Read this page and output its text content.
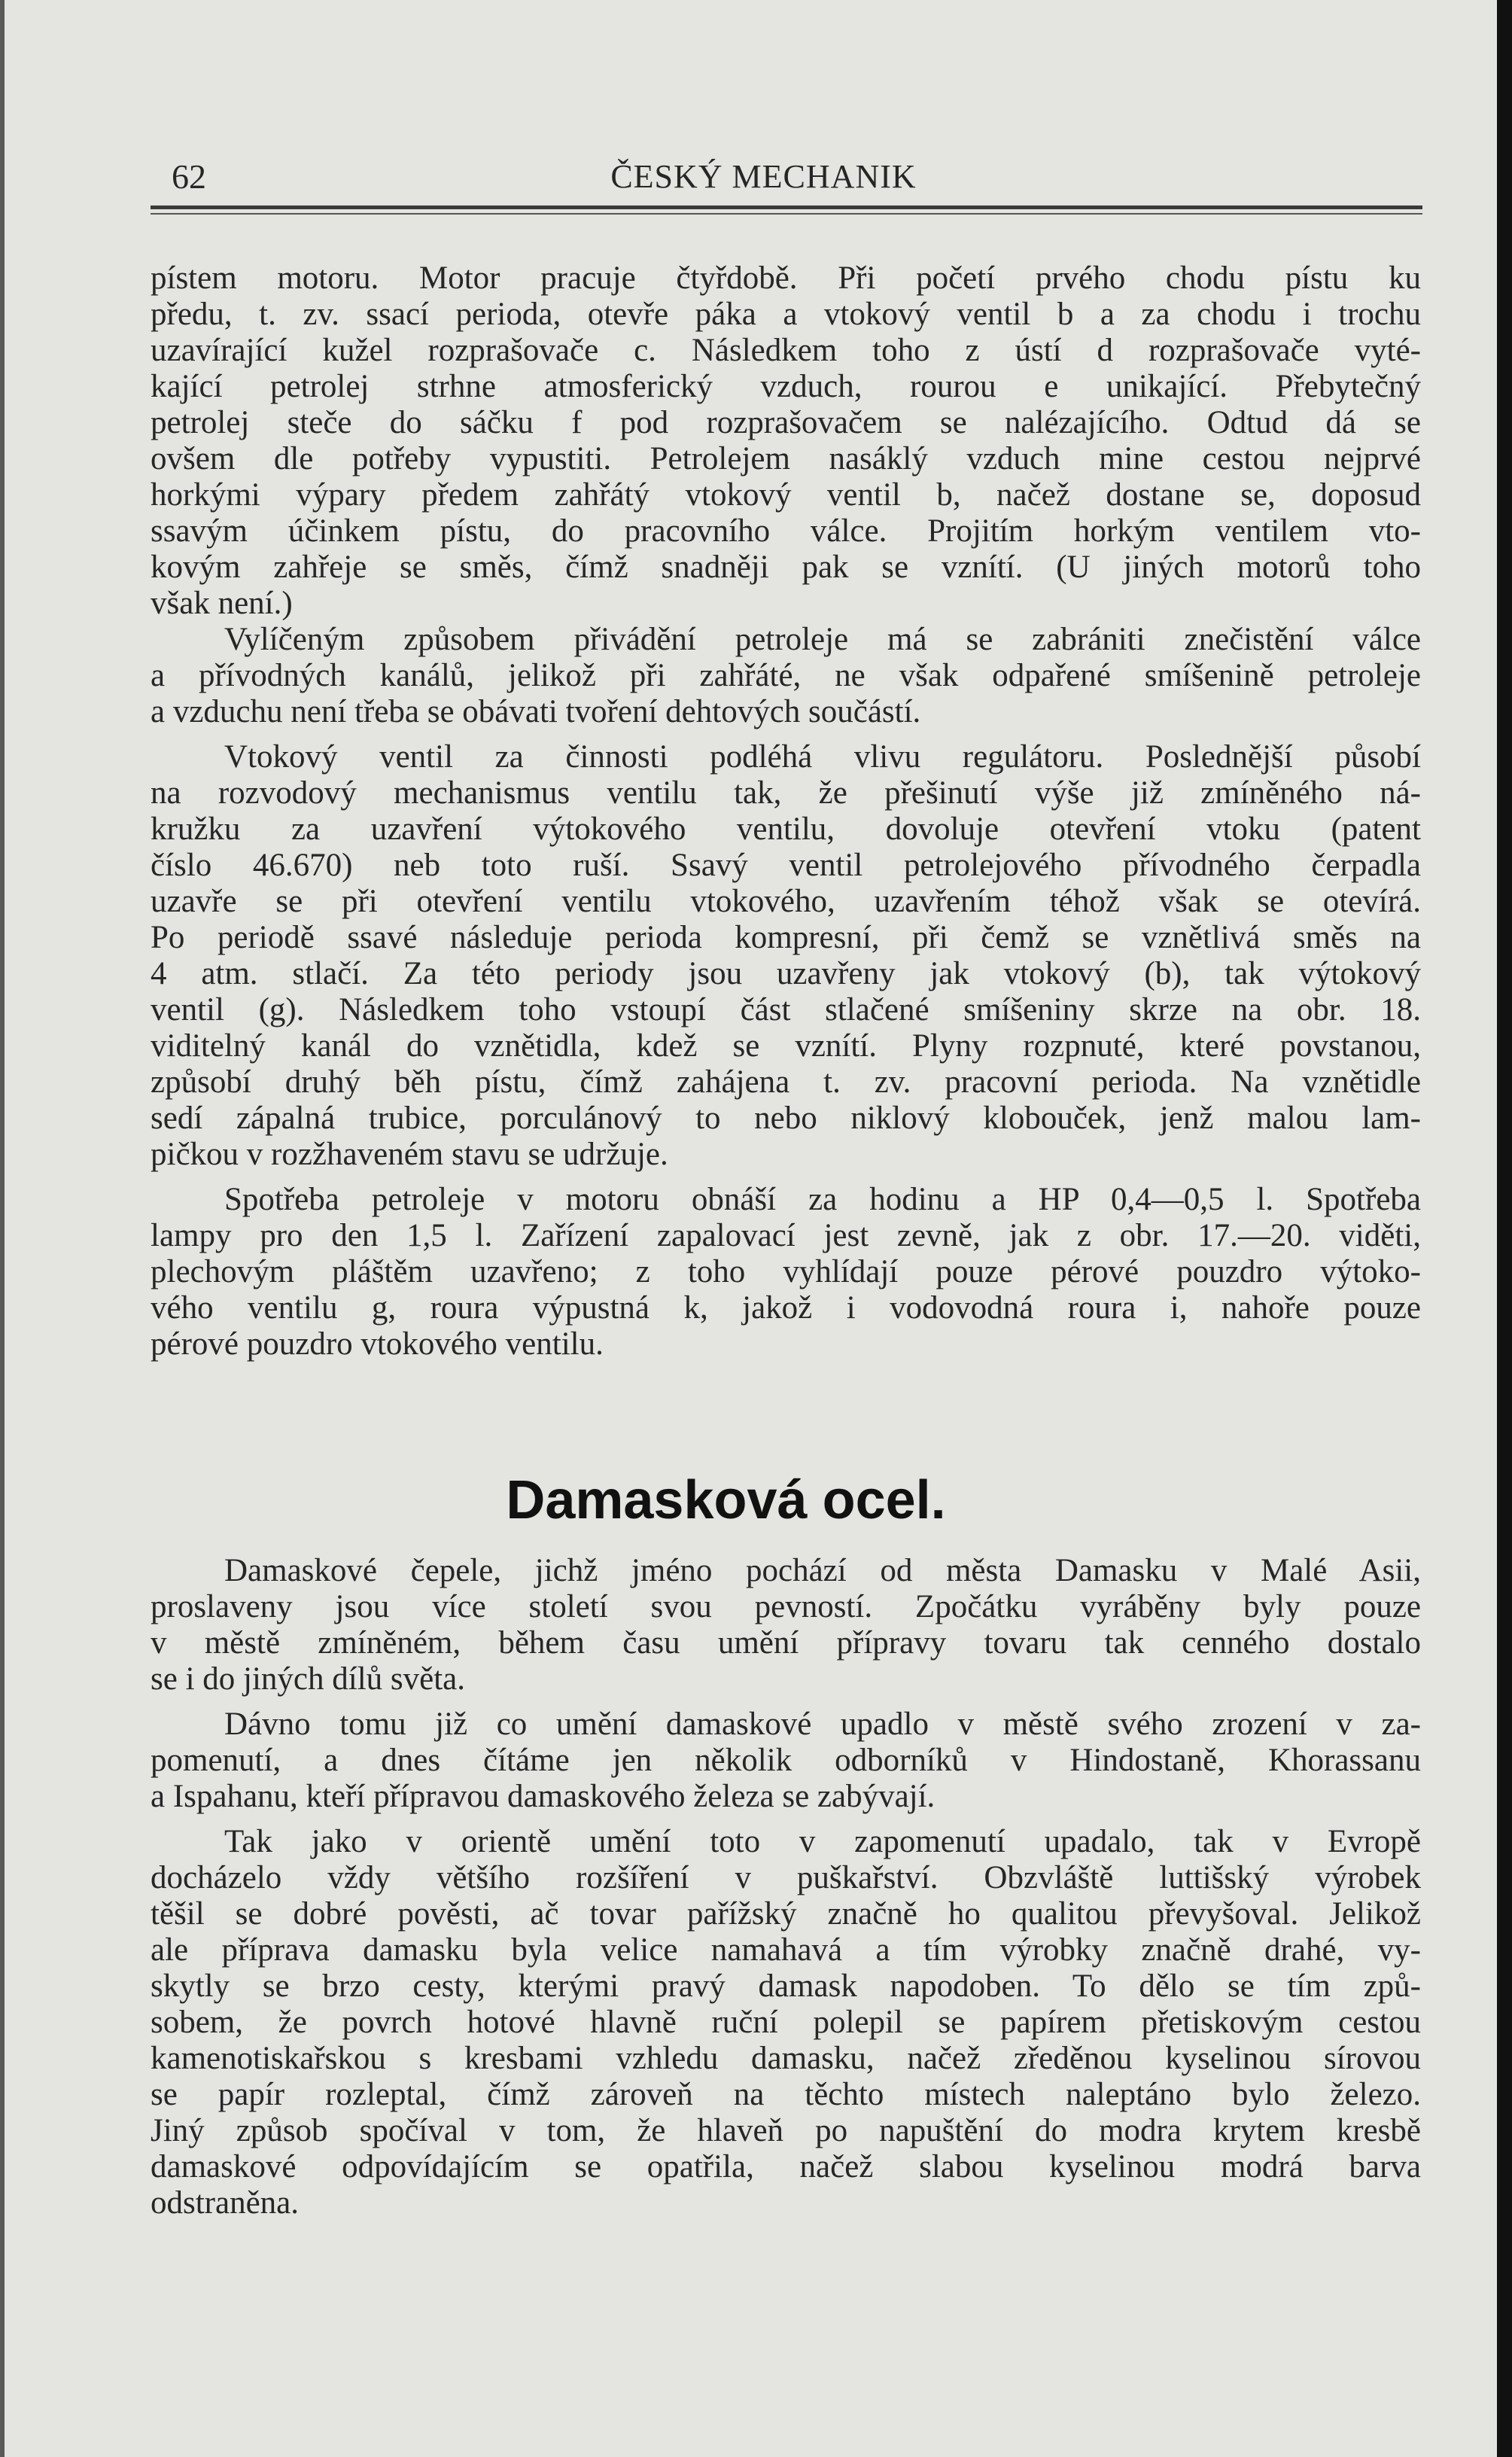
62	ČESKÝ MECHANIK
pístem motoru. Motor pracuje čtyřdobě. Při početí prvého chodu pístu ku
předu, t. zv. ssací perioda, otevře páka a vtokový ventil b a za chodu i trochu
uzavírající kužel rozprašovače c. Následkem toho z ústí d rozprašovače vyté-
kající petrolej strhne atmosferický vzduch, rourou e unikající. Přebytečný
petrolej steče do sáčku f pod rozprašovačem se nalézajícího. Odtud dá se
ovšem dle potřeby vypustiti. Petrolejem nasáklý vzduch mine cestou nejprvé
horkými výpary předem zahřátý vtokový ventil b, načež dostane se, doposud
ssavým účinkem pístu, do pracovního válce. Projitím horkým ventilem vto-
kovým zahřeje se směs, čímž snadněji pak se vznítí. (U jiných motorů toho
však není.)
Vylíčeným způsobem přivádění petroleje má se zabrániti znečistění válce
a přívodných kanálů, jelikož při zahřáté, ne však odpařené smíšenině petroleje
a vzduchu není třeba se obávati tvoření dehtových součástí.
Vtokový ventil za činnosti podléhá vlivu regulátoru. Poslednější působí
na rozvodový mechanismus ventilu tak, že přešinutí výše již zmíněného ná-
kružku za uzavření výtokového ventilu, dovoluje otevření vtoku (patent
číslo 46.670) neb toto ruší. Ssavý ventil petrolejového přívodného čerpadla
uzavře se při otevření ventilu vtokového, uzavřením téhož však se otevírá.
Po periodě ssavé následuje perioda kompresní, při čemž se vznětlivá směs na
4 atm. stlačí. Za této periody jsou uzavřeny jak vtokový (b), tak výtokový
ventil (g). Následkem toho vstoupí část stlačené smíšeniny skrze na obr. 18.
viditelný kanál do vznětidla, kdež se vznítí. Plyny rozpnuté, které povstanou,
způsobí druhý běh pístu, čímž zahájena t. zv. pracovní perioda. Na vznětidle
sedí zápalná trubice, porculánový to nebo niklový klobouček, jenž malou lam-
pičkou v rozžhaveném stavu se udržuje.
Spotřeba petroleje v motoru obnáší za hodinu a HP 0,4—0,5 l. Spotřeba
lampy pro den 1,5 l. Zařízení zapalovací jest zevně, jak z obr. 17.—20. viděti,
plechovým pláštěm uzavřeno; z toho vyhlídají pouze pérové pouzdro výtoko-
vého ventilu g, roura výpustná k, jakož i vodovodná roura i, nahoře pouze
pérové pouzdro vtokového ventilu.
Damasková ocel.
Damaskové čepele, jichž jméno pochází od města Damasku v Malé Asii,
proslaveny jsou více století svou pevností. Zpočátku vyráběny byly pouze
v městě zmíněném, během času umění přípravy tovaru tak cenného dostalo
se i do jiných dílů světa.
Dávno tomu již co umění damaskové upadlo v městě svého zrození v za-
pomenutí, a dnes čítáme jen několik odborníků v Hindostaně, Khorassanu
a Ispahanu, kteří přípravou damaskového železa se zabývají.
Tak jako v orientě umění toto v zapomenutí upadalo, tak v Evropě
docházelo vždy většího rozšíření v puškařství. Obzvláště luttišský výrobek
těšil se dobré pověsti, ač tovar pařížský značně ho qualitou převyšoval. Jelikož
ale příprava damasku byla velice namahavá a tím výrobky značně drahé, vy-
skytly se brzo cesty, kterými pravý damask napodoben. To dělo se tím způ-
sobem, že povrch hotové hlavně ruční polepil se papírem přetiskovým cestou
kamenotiskařskou s kresbami vzhledu damasku, načež zředěnou kyselinou sírovou
se papír rozleptal, čímž zároveň na těchto místech naleptáno bylo železo.
Jiný způsob spočíval v tom, že hlaveň po napuštění do modra krytem kresbě
damaskové odpovídajícím se opatřila, načež slabou kyselinou modrá barva
odstraněna.
